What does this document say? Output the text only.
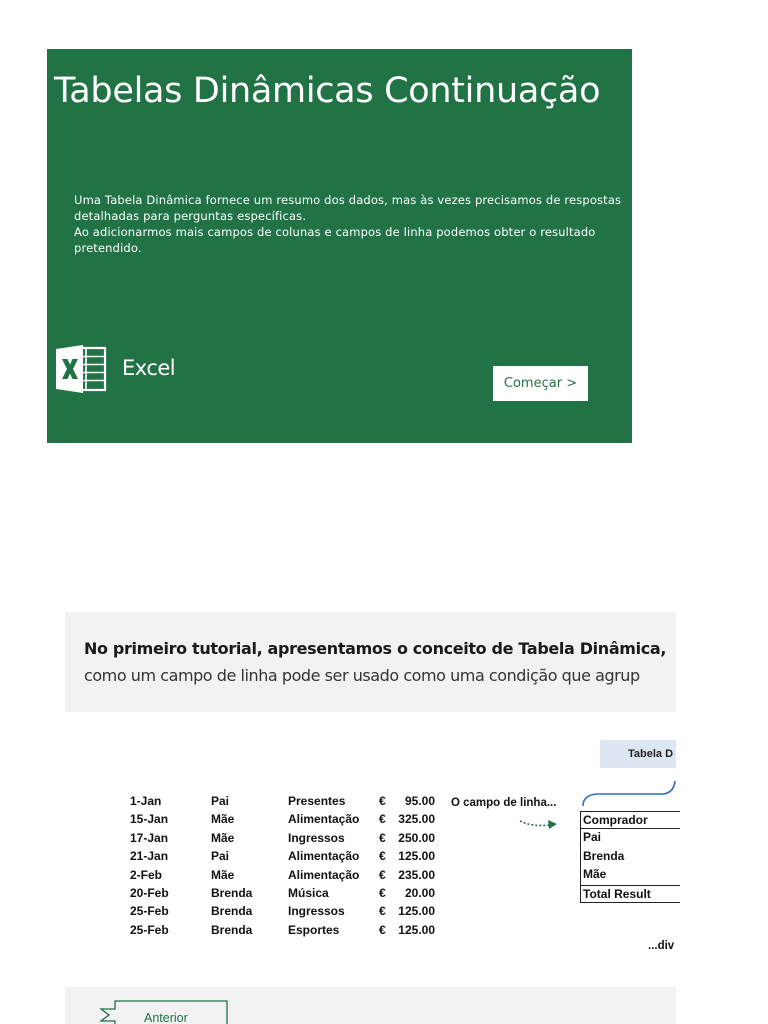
Tabelas Dinâmicas Continuação

Uma Tabela Dinâmica fornece um resumo dos dados, mas às vezes precisamos de respostas detalhadas para perguntas específicas.

Ao adicionarmos mais campos de colunas e campos de linha podemos obter o resultado pretendido.

Excel
Começar >
No primeiro tutorial, apresentamos o conceito de Tabela Dinâmica,
como um campo de linha pode ser usado como uma condição que agrup
Tabela D
1-Jan	Pai	Presentes	€	95.00
15-Jan	Mãe	Alimentação €	325.00
17-Jan	Mãe	Ingressos	€	250.00
21-Jan	Pai	Alimentação €	125.00
2-Feb	Mãe	Alimentação €	235.00
20-Feb	Brenda	Música	€	20.00
25-Feb	Brenda	Ingressos	€	125.00
25-Feb	Brenda	Esportes	€	125.00
O campo de linha...
Comprador
Pai
Brenda
Mãe
Total Result
...div
Anterior
